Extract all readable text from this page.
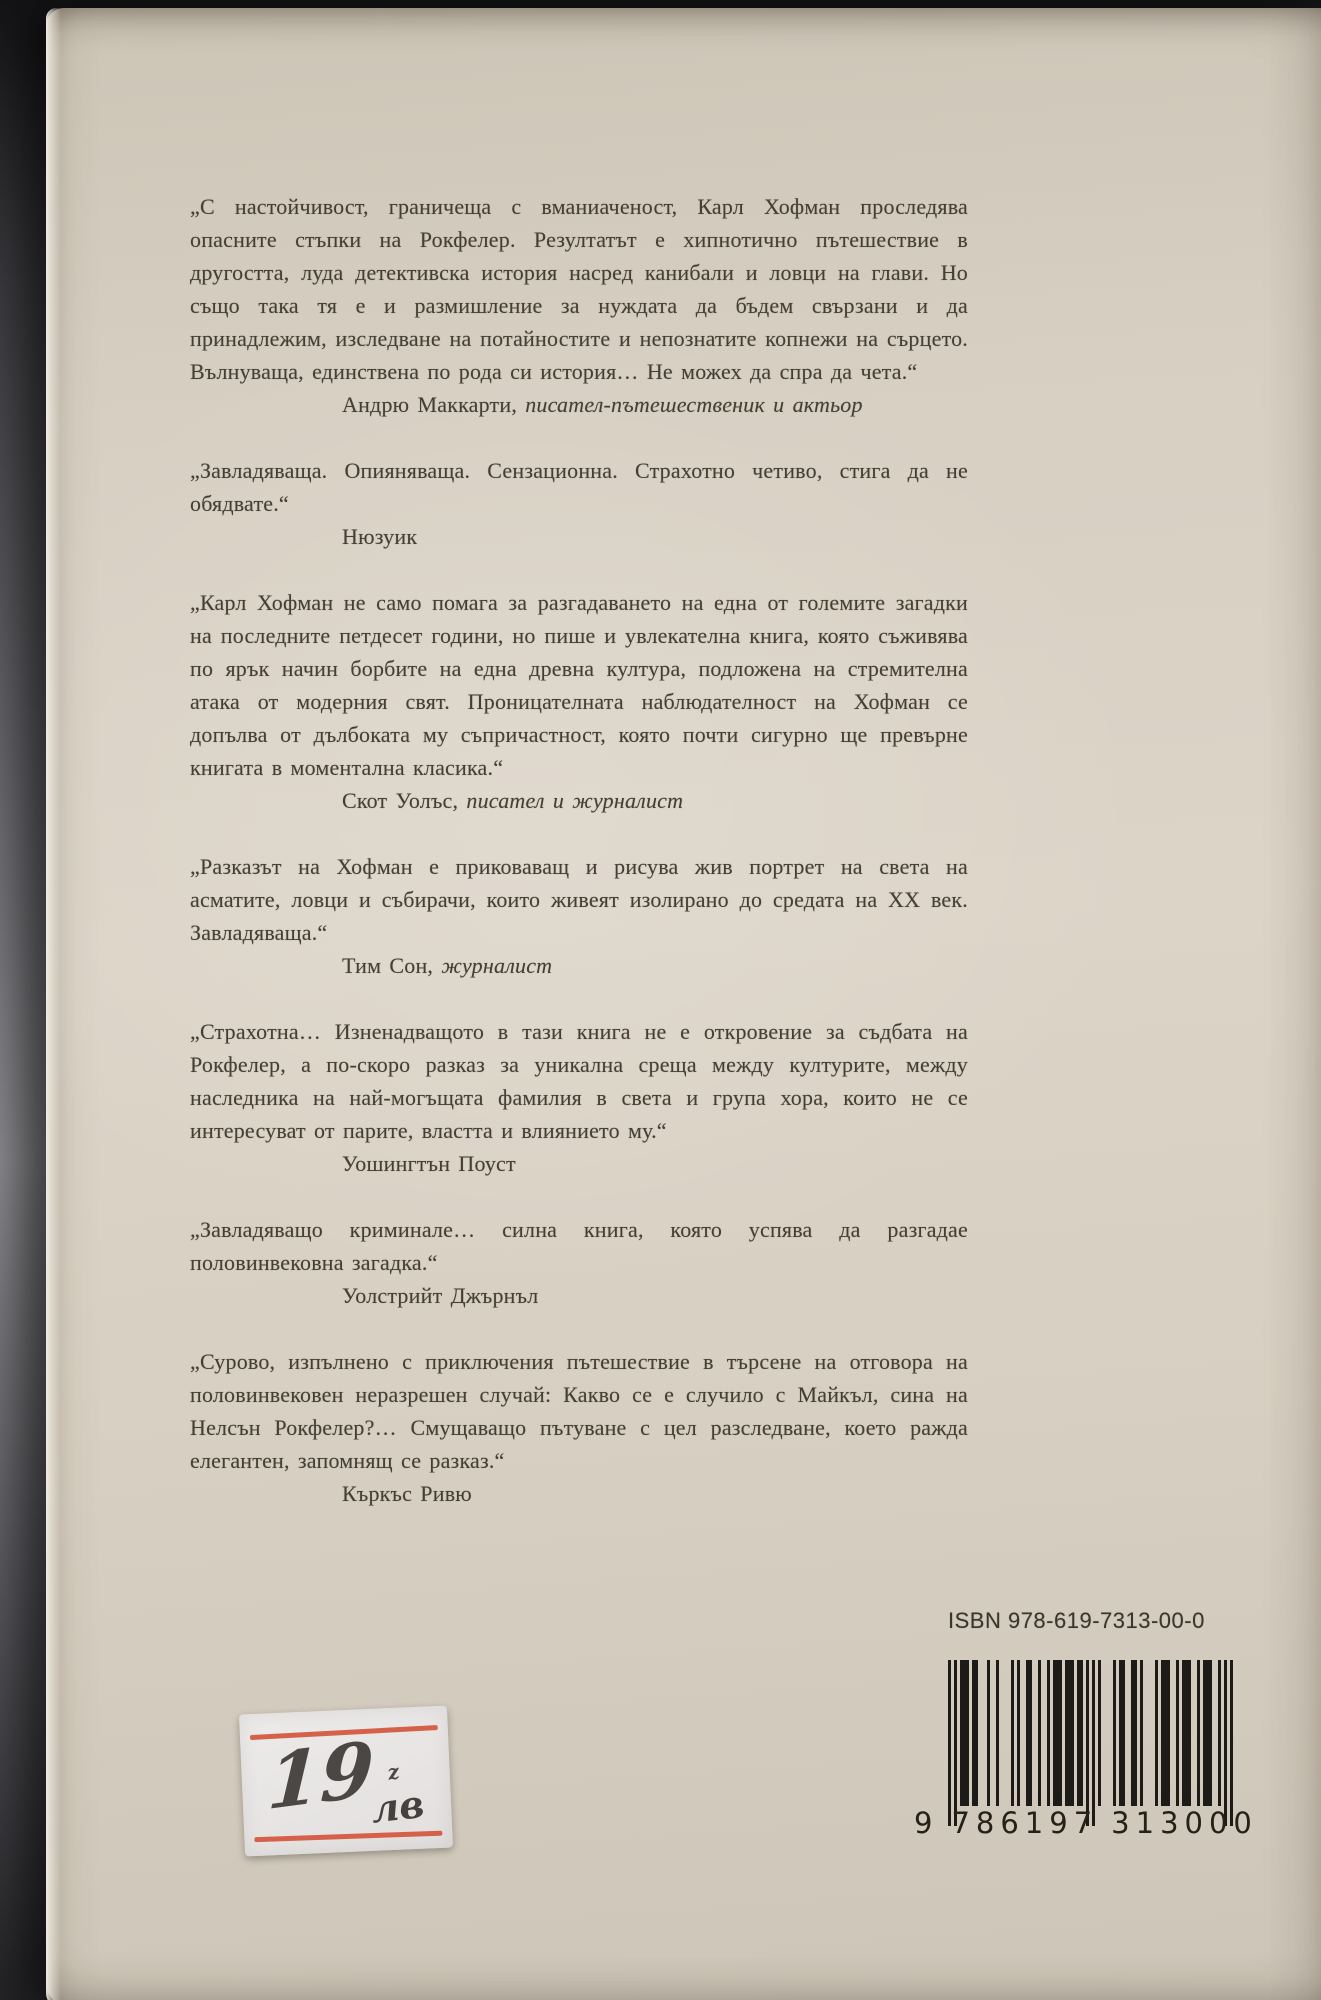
„С настойчивост, граничеща с вманиаченост, Карл Хофман проследява опасните стъпки на Рокфелер. Резултатът е хипнотично пътешествие в другостта, луда детективска история насред канибали и ловци на глави. Но също така тя е и размишление за нуждата да бъдем свързани и да принадлежим, изследване на потайностите и непознатите копнежи на сърцето. Вълнуваща, единствена по рода си история… Не можех да спра да чета.“

Андрю Маккарти, писател-пътешественик и актьор

„Завладяваща. Опияняваща. Сензационна. Страхотно четиво, стига да не обядвате.“

Нюзуик

„Карл Хофман не само помага за разгадаването на една от големите загадки на последните петдесет години, но пише и увлекателна книга, която съживява по ярък начин борбите на една древна култура, подложена на стремителна атака от модерния свят. Проницателната наблюдателност на Хофман се допълва от дълбоката му съпричастност, която почти сигурно ще превърне книгата в моментална класика.“

Скот Уолъс, писател и журналист

„Разказът на Хофман е приковаващ и рисува жив портрет на света на асматите, ловци и събирачи, които живеят изолирано до средата на XX век. Завладяваща.“

Тим Сон, журналист

„Страхотна… Изненадващото в тази книга не е откровение за съдбата на Рокфелер, а по-скоро разказ за уникална среща между културите, между наследника на най-могъщата фамилия в света и група хора, които не се интересуват от парите, властта и влиянието му.“

Уошингтън Поуст

„Завладяващо криминале… силна книга, която успява да разгадае половинвековна загадка.“

Уолстрийт Джърнъл

„Сурово, изпълнено с приключения пътешествие в търсене на отговора на половинвековен неразрешен случай: Какво се е случило с Майкъл, сина на Нелсън Рокфелер?… Смущаващо пътуване с цел разследване, което ражда елегантен, запомнящ се разказ.“

Къркъс Ривю

ISBN 978-619-7313-00-0
9 786197 313000
19 z
лв
